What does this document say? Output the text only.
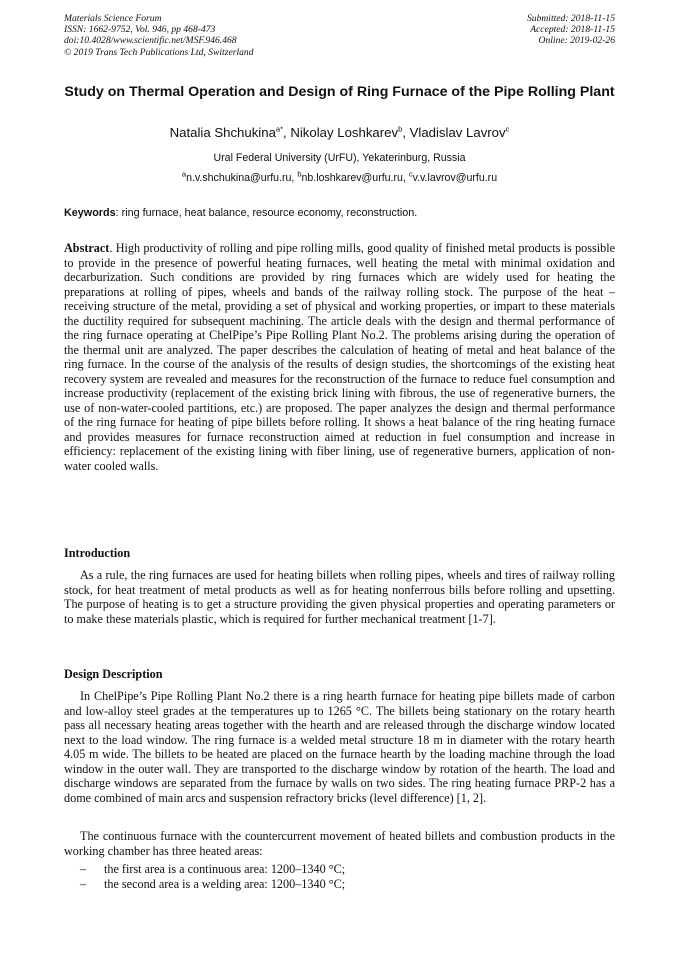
Materials Science Forum
ISSN: 1662-9752, Vol. 946, pp 468-473
doi:10.4028/www.scientific.net/MSF.946.468
© 2019 Trans Tech Publications Ltd, Switzerland
Submitted: 2018-11-15
Accepted: 2018-11-15
Online: 2019-02-26
Study on Thermal Operation and Design of Ring Furnace of the Pipe Rolling Plant
Natalia Shchukina$^{a*}$, Nikolay Loshkarev$^b$, Vladislav Lavrov$^c$
Ural Federal University (UrFU), Yekaterinburg, Russia
$^a$n.v.shchukina@urfu.ru, $^b$nb.loshkarev@urfu.ru, $^c$v.v.lavrov@urfu.ru
Keywords: ring furnace, heat balance, resource economy, reconstruction.
Abstract. High productivity of rolling and pipe rolling mills, good quality of finished metal products is possible to provide in the presence of powerful heating furnaces, well heating the metal with minimal oxidation and decarburization. Such conditions are provided by ring furnaces which are widely used for heating the preparations at rolling of pipes, wheels and bands of the railway rolling stock. The purpose of the heat – receiving structure of the metal, providing a set of physical and working properties, or impart to these materials the ductility required for subsequent machining. The article deals with the design and thermal performance of the ring furnace operating at ChelPipe’s Pipe Rolling Plant No.2. The problems arising during the operation of the thermal unit are analyzed. The paper describes the calculation of heating of metal and heat balance of the ring furnace. In the course of the analysis of the results of design studies, the shortcomings of the existing heat recovery system are revealed and measures for the reconstruction of the furnace to reduce fuel consumption and increase productivity (replacement of the existing brick lining with fibrous, the use of regenerative burners, the use of non-water-cooled partitions, etc.) are proposed. The paper analyzes the design and thermal performance of the ring furnace for heating of pipe billets before rolling. It shows a heat balance of the ring heating furnace and provides measures for furnace reconstruction aimed at reduction in fuel consumption and increase in efficiency: replacement of the existing lining with fiber lining, use of regenerative burners, application of non-water cooled walls.
Introduction
As a rule, the ring furnaces are used for heating billets when rolling pipes, wheels and tires of railway rolling stock, for heat treatment of metal products as well as for heating nonferrous bills before rolling and upsetting. The purpose of heating is to get a structure providing the given physical properties and operating parameters or to make these materials plastic, which is required for further mechanical treatment [1-7].
Design Description
In ChelPipe’s Pipe Rolling Plant No.2 there is a ring hearth furnace for heating pipe billets made of carbon and low-alloy steel grades at the temperatures up to 1265 °C. The billets being stationary on the rotary hearth pass all necessary heating areas together with the hearth and are released through the discharge window located next to the load window. The ring furnace is a welded metal structure 18 m in diameter with the rotary hearth 4.05 m wide. The billets to be heated are placed on the furnace hearth by the loading machine through the load window in the outer wall. They are transported to the discharge window by rotation of the hearth. The load and discharge windows are separated from the furnace by walls on two sides. The ring heating furnace PRP-2 has a dome combined of main arcs and suspension refractory bricks (level difference) [1, 2].
The continuous furnace with the countercurrent movement of heated billets and combustion products in the working chamber has three heated areas:
– the first area is a continuous area: 1200–1340 °C;
– the second area is a welding area: 1200–1340 °C;
